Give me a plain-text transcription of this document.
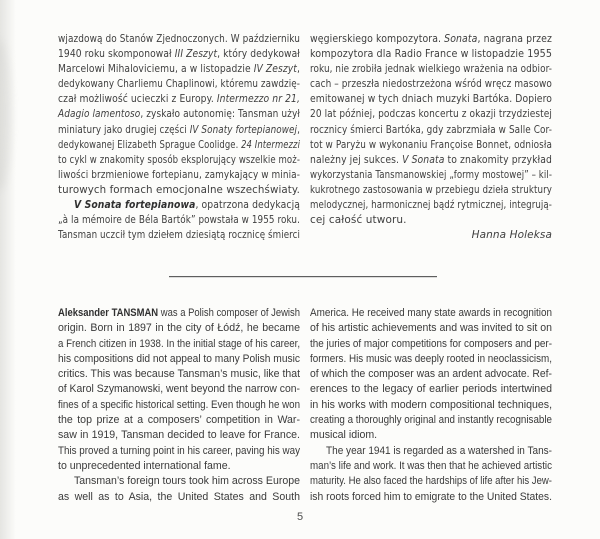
wjazdową do Stanów Zjednoczonych. W październiku
1940 roku skomponował III Zeszyt, który dedykował
Marcelowi Mihaloviciemu, a w listopadzie IV Zeszyt,
dedykowany Charliemu Chaplinowi, któremu zawdzię-
czał możliwość ucieczki z Europy. Intermezzo nr 21,
Adagio lamentoso, zyskało autonomię: Tansman użył
miniatury jako drugiej części IV Sonaty fortepianowej,
dedykowanej Elizabeth Sprague Coolidge. 24 Intermezzi
to cykl w znakomity sposób eksplorujący wszelkie moż-
liwości brzmieniowe fortepianu, zamykający w minia-
turowych formach emocjonalne wszechświaty.
V Sonata fortepianowa, opatrzona dedykacją
„à la mémoire de Béla Bartók” powstała w 1955 roku.
Tansman uczcił tym dziełem dziesiątą rocznicę śmierci
węgierskiego kompozytora. Sonata, nagrana przez
kompozytora dla Radio France w listopadzie 1955
roku, nie zrobiła jednak wielkiego wrażenia na odbior-
cach – przeszła niedostrzeżona wśród wręcz masowo
emitowanej w tych dniach muzyki Bartóka. Dopiero
20 lat później, podczas koncertu z okazji trzydziestej
rocznicy śmierci Bartóka, gdy zabrzmiała w Salle Cor-
tot w Paryżu w wykonaniu Françoise Bonnet, odniosła
należny jej sukces. V Sonata to znakomity przykład
wykorzystania Tansmanowskiej „formy mostowej” – kil-
kukrotnego zastosowania w przebiegu dzieła struktury
melodycznej, harmonicznej bądź rytmicznej, integrują-
cej całość utworu.
Hanna Holeksa
Aleksander TANSMAN was a Polish composer of Jewish
origin. Born in 1897 in the city of Łódź, he became
a French citizen in 1938. In the initial stage of his career,
his compositions did not appeal to many Polish music
critics. This was because Tansman’s music, like that
of Karol Szymanowski, went beyond the narrow con-
fines of a specific historical setting. Even though he won
the top prize at a composers’ competition in War-
saw in 1919, Tansman decided to leave for France.
This proved a turning point in his career, paving his way
to unprecedented international fame.
Tansman’s foreign tours took him across Europe
as well as to Asia, the United States and South
America. He received many state awards in recognition
of his artistic achievements and was invited to sit on
the juries of major competitions for composers and per-
formers. His music was deeply rooted in neoclassicism,
of which the composer was an ardent advocate. Ref-
erences to the legacy of earlier periods intertwined
in his works with modern compositional techniques,
creating a thoroughly original and instantly recognisable
musical idiom.
The year 1941 is regarded as a watershed in Tans-
man’s life and work. It was then that he achieved artistic
maturity. He also faced the hardships of life after his Jew-
ish roots forced him to emigrate to the United States.
5
